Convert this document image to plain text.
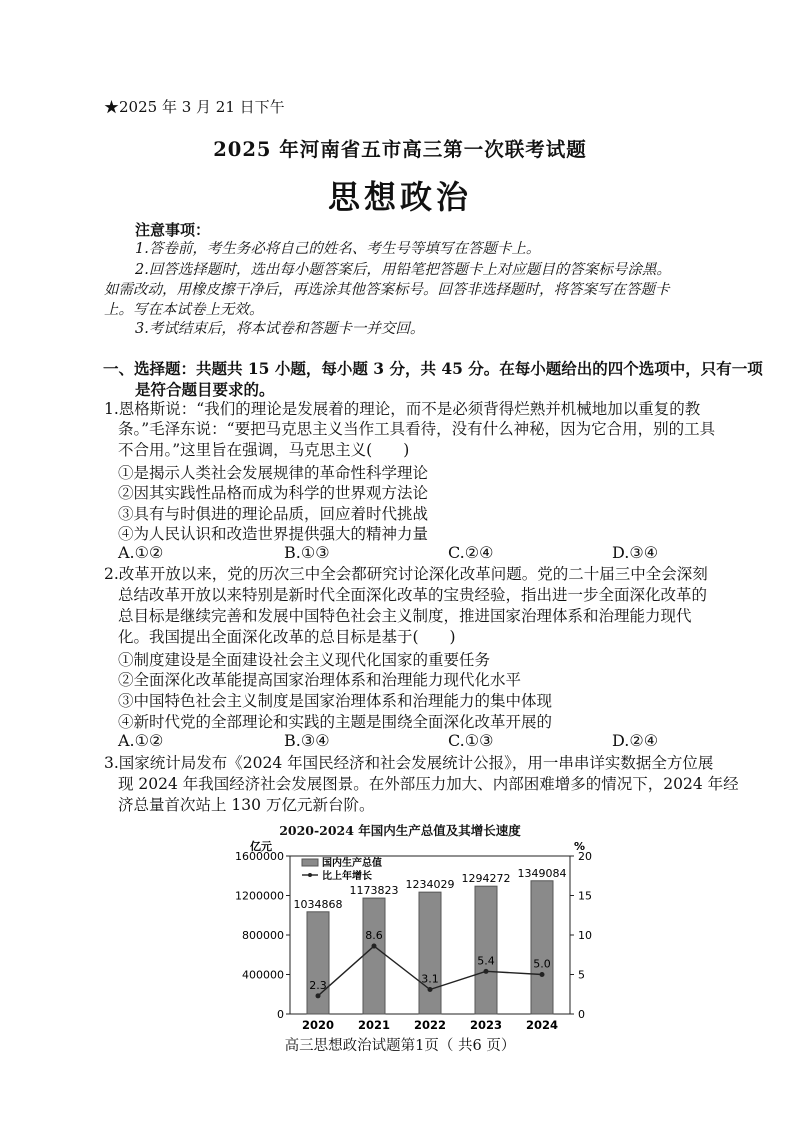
★2025 年 3 月 21 日下午
2025 年河南省五市高三第一次联考试题
思想政治
注意事项：
1.答卷前，考生务必将自己的姓名、考生号等填写在答题卡上。
2.回答选择题时，选出每小题答案后，用铅笔把答题卡上对应题目的答案标号涂黑。
如需改动，用橡皮擦干净后，再选涂其他答案标号。回答非选择题时，将答案写在答题卡
上。写在本试卷上无效。
3.考试结束后，将本试卷和答题卡一并交回。
一、选择题：共题共 15 小题，每小题 3 分，共 45 分。在每小题给出的四个选项中，只有一项
是符合题目要求的。
1.恩格斯说：“我们的理论是发展着的理论，而不是必须背得烂熟并机械地加以重复的教
条。”毛泽东说：“要把马克思主义当作工具看待，没有什么神秘，因为它合用，别的工具
不合用。”这里旨在强调，马克思主义(　　)
①是揭示人类社会发展规律的革命性科学理论
②因其实践性品格而成为科学的世界观方法论
③具有与时俱进的理论品质，回应着时代挑战
④为人民认识和改造世界提供强大的精神力量
A.①②	B.①③	C.②④	D.③④
2.改革开放以来，党的历次三中全会都研究讨论深化改革问题。党的二十届三中全会深刻
总结改革开放以来特别是新时代全面深化改革的宝贵经验，指出进一步全面深化改革的
总目标是继续完善和发展中国特色社会主义制度，推进国家治理体系和治理能力现代
化。我国提出全面深化改革的总目标是基于(　　)
①制度建设是全面建设社会主义现代化国家的重要任务
②全面深化改革能提高国家治理体系和治理能力现代化水平
③中国特色社会主义制度是国家治理体系和治理能力的集中体现
④新时代党的全部理论和实践的主题是围绕全面深化改革开展的
A.①②	B.③④	C.①③	D.②④
3.国家统计局发布《2024 年国民经济和社会发展统计公报》，用一串串详实数据全方位展
现 2024 年我国经济社会发展图景。在外部压力加大、内部困难增多的情况下，2024 年经
济总量首次站上 130 万亿元新台阶。
2020-2024 年国内生产总值及其增长速度
0
400000
800000
1200000
1600000
0
5
10
15
20
亿元	%
1034868
1173823 1234029 1294272 1349084
2020 2021 2022 2023 2024
2.3
8.6
3.1
5.4	5.0
国内生产总值
比上年增长
高三思想政治试题第1页（ 共6 页）
